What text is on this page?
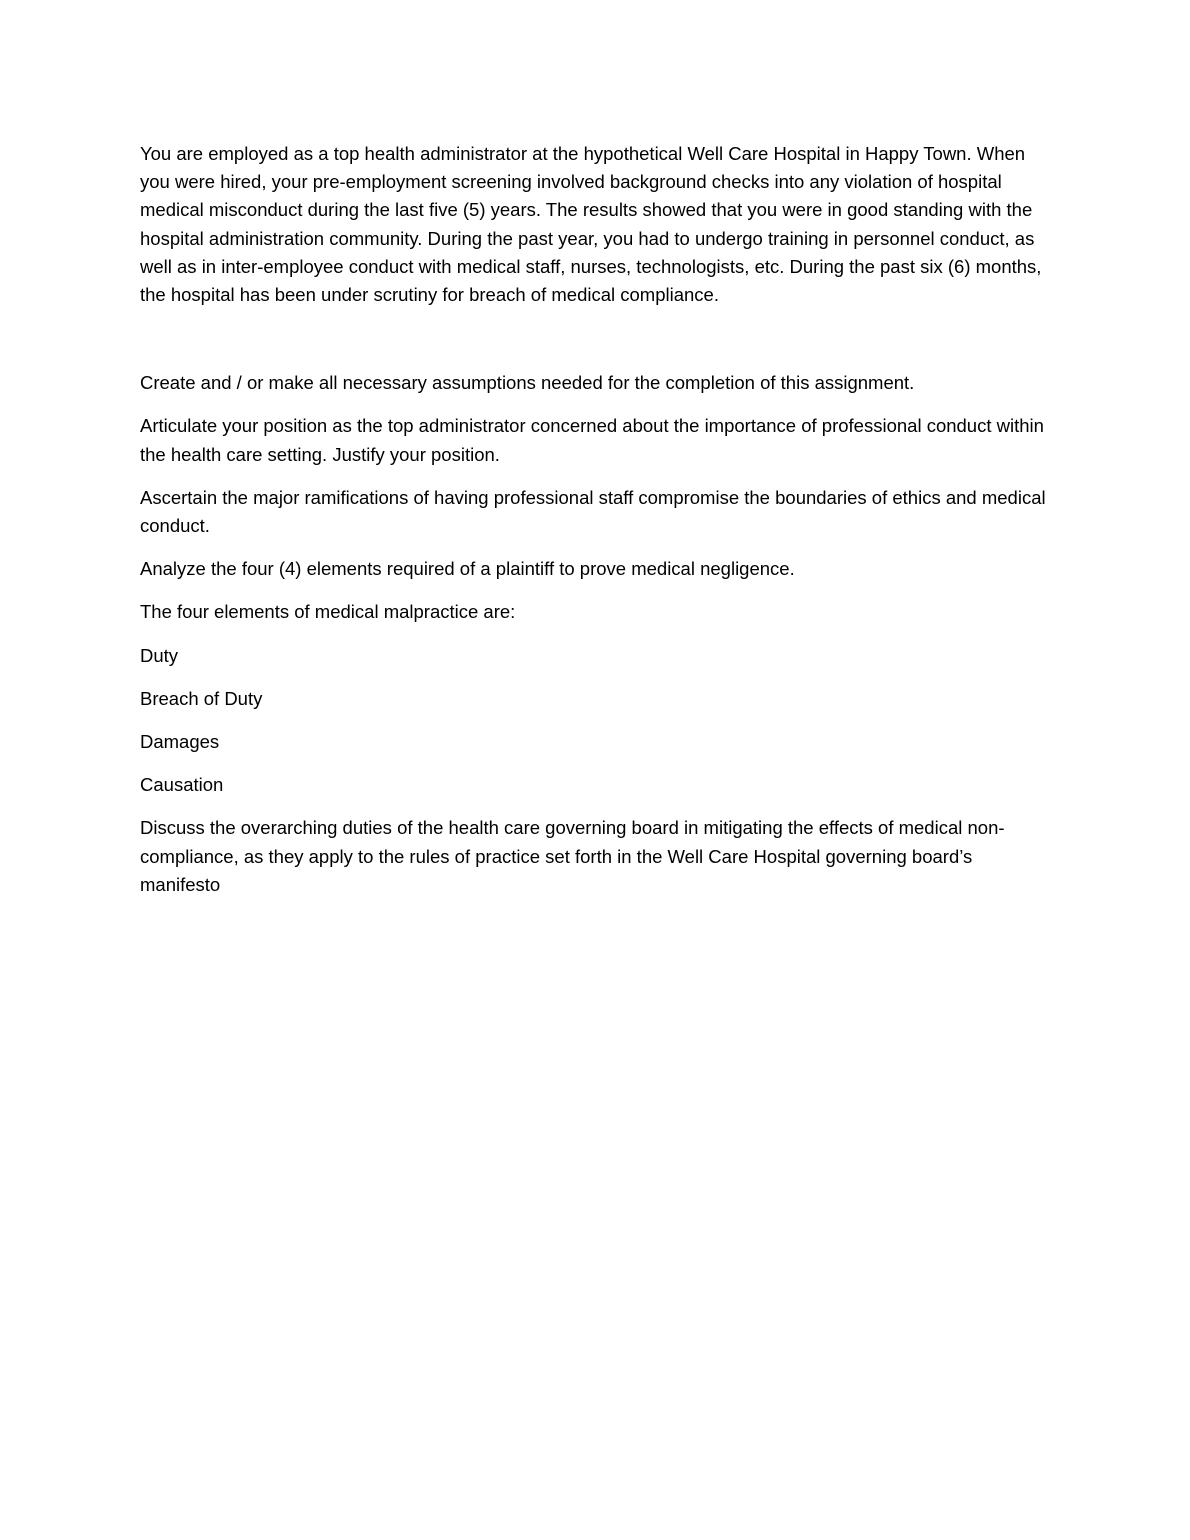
You are employed as a top health administrator at the hypothetical Well Care Hospital in Happy Town. When you were hired, your pre-employment screening involved background checks into any violation of hospital medical misconduct during the last five (5) years. The results showed that you were in good standing with the hospital administration community. During the past year, you had to undergo training in personnel conduct, as well as in inter-employee conduct with medical staff, nurses, technologists, etc. During the past six (6) months, the hospital has been under scrutiny for breach of medical compliance.

Create and / or make all necessary assumptions needed for the completion of this assignment.

Articulate your position as the top administrator concerned about the importance of professional conduct within the health care setting. Justify your position.

Ascertain the major ramifications of having professional staff compromise the boundaries of ethics and medical conduct.

Analyze the four (4) elements required of a plaintiff to prove medical negligence.

The four elements of medical malpractice are:

Duty

Breach of Duty

Damages

Causation

Discuss the overarching duties of the health care governing board in mitigating the effects of medical non-compliance, as they apply to the rules of practice set forth in the Well Care Hospital governing board’s manifesto
